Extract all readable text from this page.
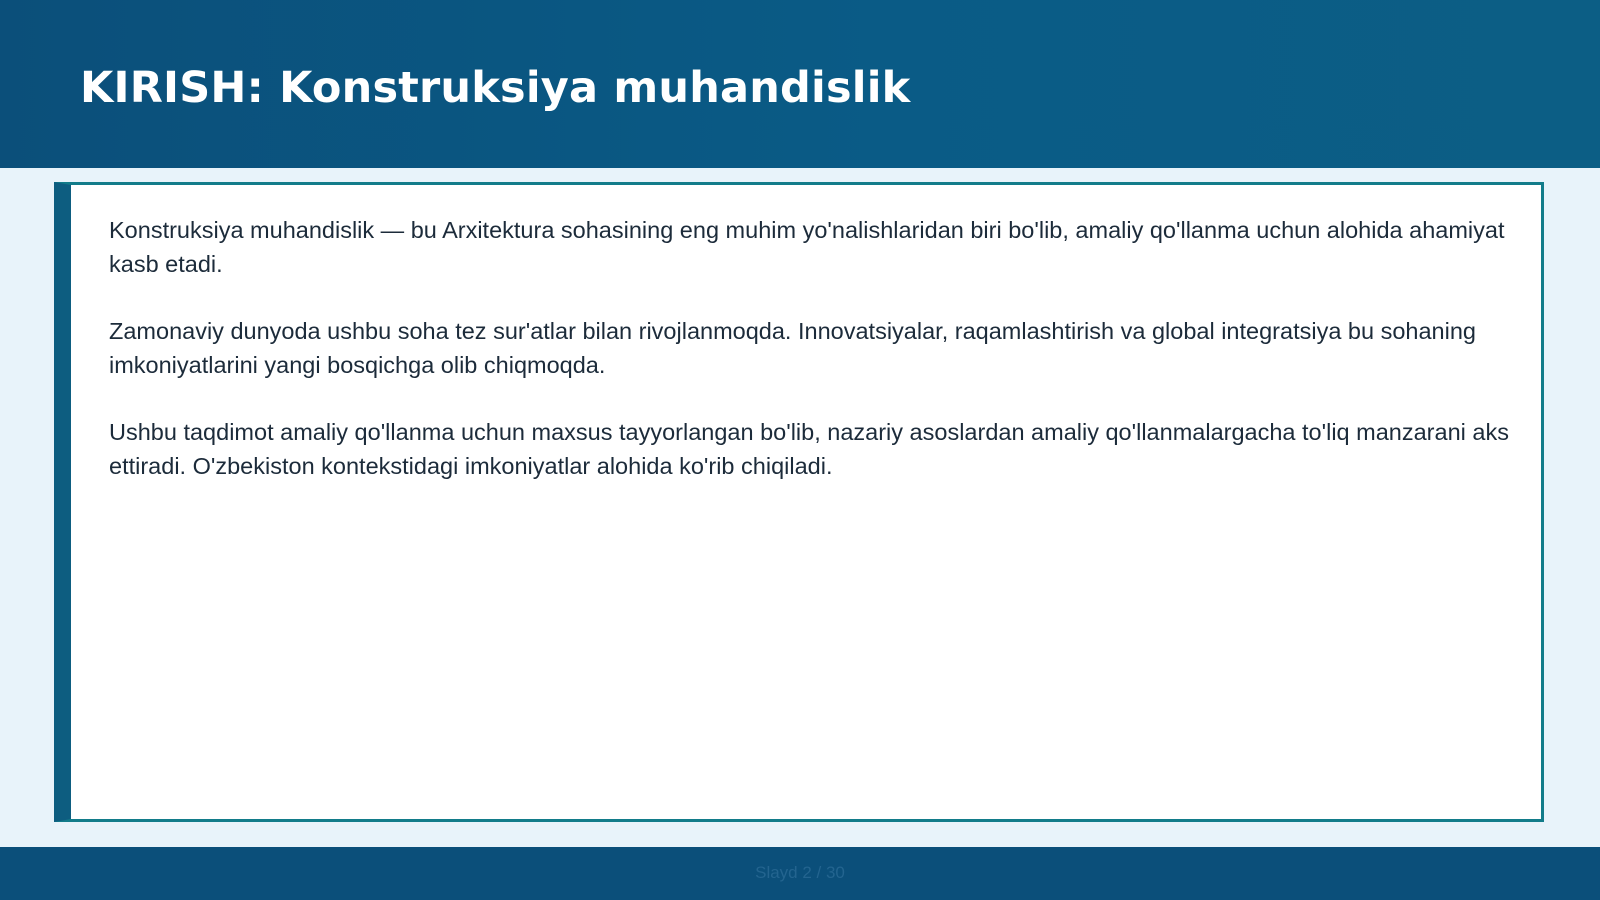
KIRISH: Konstruksiya muhandislik

Konstruksiya muhandislik — bu Arxitektura sohasining eng muhim yo'nalishlaridan biri bo'lib, amaliy qo'llanma uchun alohida ahamiyat kasb etadi.

Zamonaviy dunyoda ushbu soha tez sur'atlar bilan rivojlanmoqda. Innovatsiyalar, raqamlashtirish va global integratsiya bu sohaning imkoniyatlarini yangi bosqichga olib chiqmoqda.

Ushbu taqdimot amaliy qo'llanma uchun maxsus tayyorlangan bo'lib, nazariy asoslardan amaliy qo'llanmalargacha to'liq manzarani aks ettiradi. O'zbekiston kontekstidagi imkoniyatlar alohida ko'rib chiqiladi.

Slayd 2 / 30
